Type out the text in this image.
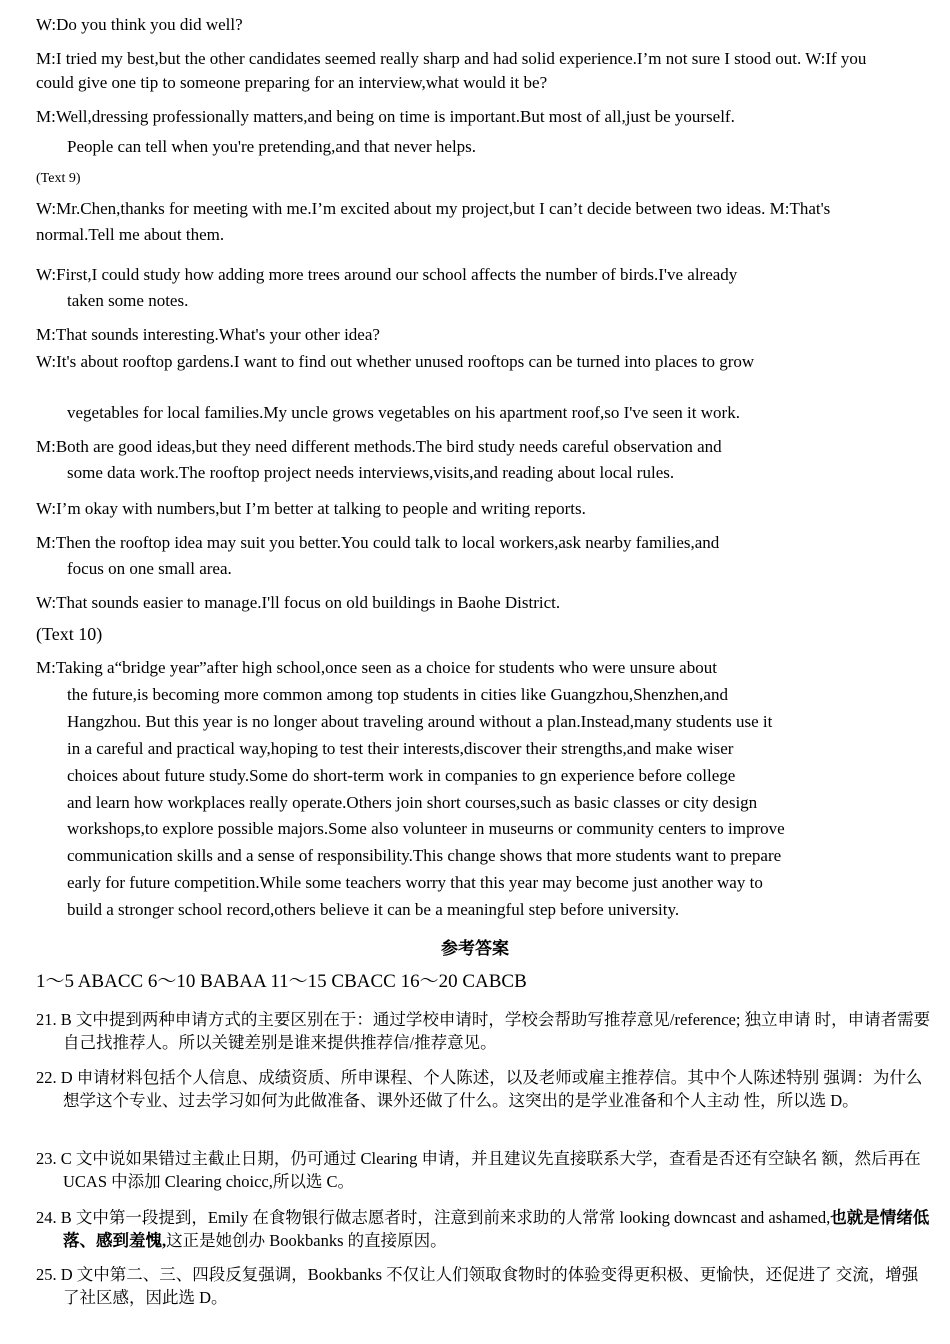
W:Do you think you did well?

M:I tried my best,but the other candidates seemed really sharp and had solid experience.I’m not sure I stood out. W:If you could give one tip to someone preparing for an interview,what would it be?

M:Well,dressing professionally matters,and being on time is important.But most of all,just be yourself.
People can tell when you're pretending,and that never helps.

(Text 9)

W:Mr.Chen,thanks for meeting with me.I’m excited about my project,but I can’t decide between two ideas. M:That's normal.Tell me about them.

W:First,I could study how adding more trees around our school affects the number of birds.I've already
taken some notes.

M:That sounds interesting.What's your other idea?

W:It's about rooftop gardens.I want to find out whether unused rooftops can be turned into places to grow

vegetables for local families.My uncle grows vegetables on his apartment roof,so I've seen it work.

M:Both are good ideas,but they need different methods.The bird study needs careful observation and
some data work.The rooftop project needs interviews,visits,and reading about local rules.

W:I’m okay with numbers,but I’m better at talking to people and writing reports.

M:Then the rooftop idea may suit you better.You could talk to local workers,ask nearby families,and
focus on one small area.

W:That sounds easier to manage.I'll focus on old buildings in Baohe District.

(Text 10)

M:Taking a“bridge year”after high school,once seen as a choice for students who were unsure about
the future,is becoming more common among top students in cities like Guangzhou,Shenzhen,and
Hangzhou. But this year is no longer about traveling around without a plan.Instead,many students use it
in a careful and practical way,hoping to test their interests,discover their strengths,and make wiser
choices about future study.Some do short-term work in companies to gn experience before college
and learn how workplaces really operate.Others join short courses,such as basic classes or city design
workshops,to explore possible majors.Some also volunteer in museurns or community centers to improve
communication skills and a sense of responsibility.This change shows that more students want to prepare
early for future competition.While some teachers worry that this year may become just another way to
build a stronger school record,others believe it can be a meaningful step before university.
参考答案

1～5 ABACC 6～10 BABAA 11～15 CBACC 16～20 CABCB

21. B 文中提到两种申请方式的主要区别在于：通过学校申请时，学校会帮助写推荐意见/reference; 独立申请 时，申请者需要自己找推荐人。所以关键差别是谁来提供推荐信/推荐意见。

22. D 申请材料包括个人信息、成绩资质、所申课程、个人陈述，以及老师或雇主推荐信。其中个人陈述特别 强调：为什么想学这个专业、过去学习如何为此做准备、课外还做了什么。这突出的是学业准备和个人主动 性，所以选 D。

23. C 文中说如果错过主截止日期，仍可通过 Clearing 申请，并且建议先直接联系大学，查看是否还有空缺名 额，然后再在 UCAS 中添加 Clearing choicc,所以选 C。

24. B 文中第一段提到，Emily 在食物银行做志愿者时，注意到前来求助的人常常 looking downcast and ashamed,也就是情绪低落、感到羞愧,这正是她创办 Bookbanks 的直接原因。

25. D 文中第二、三、四段反复强调，Bookbanks 不仅让人们领取食物时的体验变得更积极、更愉快，还促进了 交流，增强了社区感，因此选 D。
